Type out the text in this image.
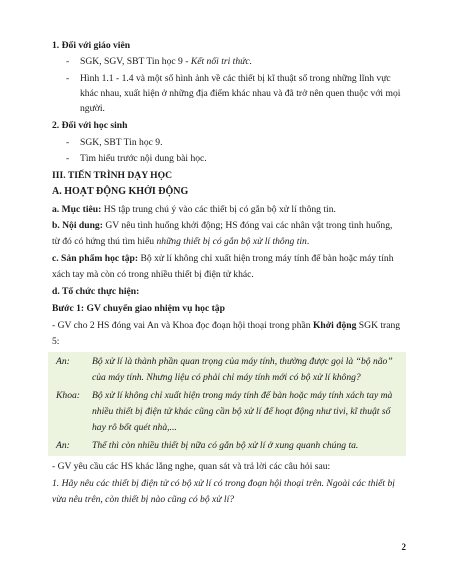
1. Đối với giáo viên
- SGK, SGV, SBT Tin học 9 - Kết nối tri thức.
- Hình 1.1 - 1.4 và một số hình ảnh về các thiết bị kĩ thuật số trong những lĩnh vực
khác nhau, xuất hiện ở những địa điểm khác nhau và đã trở nên quen thuộc với mọi
người.
2. Đối với học sinh
- SGK, SBT Tin học 9.
- Tìm hiểu trước nội dung bài học.
III. TIẾN TRÌNH DẠY HỌC
A. HOẠT ĐỘNG KHỞI ĐỘNG
a. Mục tiêu: HS tập trung chú ý vào các thiết bị có gắn bộ xử lí thông tin.
b. Nội dung: GV nêu tình huống khởi động; HS đóng vai các nhân vật trong tình huống,
từ đó có hứng thú tìm hiểu những thiết bị có gắn bộ xử lí thông tin.
c. Sản phẩm học tập: Bộ xử lí không chỉ xuất hiện trong máy tính để bàn hoặc máy tính
xách tay mà còn có trong nhiều thiết bị điện tử khác.
d. Tổ chức thực hiện:
Bước 1: GV chuyển giao nhiệm vụ học tập
- GV cho 2 HS đóng vai An và Khoa đọc đoạn hội thoại trong phần Khởi động SGK trang
5:
An: Bộ xử lí là thành phần quan trọng của máy tính, thường được gọi là “bộ não”
của máy tính. Nhưng liệu có phải chỉ máy tính mới có bộ xử lí không?
Khoa: Bộ xử lí không chỉ xuất hiện trong máy tính để bàn hoặc máy tính xách tay mà
nhiều thiết bị điện tử khác cũng cần bộ xử lí để hoạt động như tivi, kĩ thuật số
hay rô bốt quét nhà,...
An: Thế thì còn nhiều thiết bị nữa có gắn bộ xử lí ở xung quanh chúng ta.
- GV yêu cầu các HS khác lắng nghe, quan sát và trả lời các câu hỏi sau:
1. Hãy nêu các thiết bị điện tử có bộ xử lí có trong đoạn hội thoại trên. Ngoài các thiết bị
vừa nêu trên, còn thiết bị nào cũng có bộ xử lí?
2
